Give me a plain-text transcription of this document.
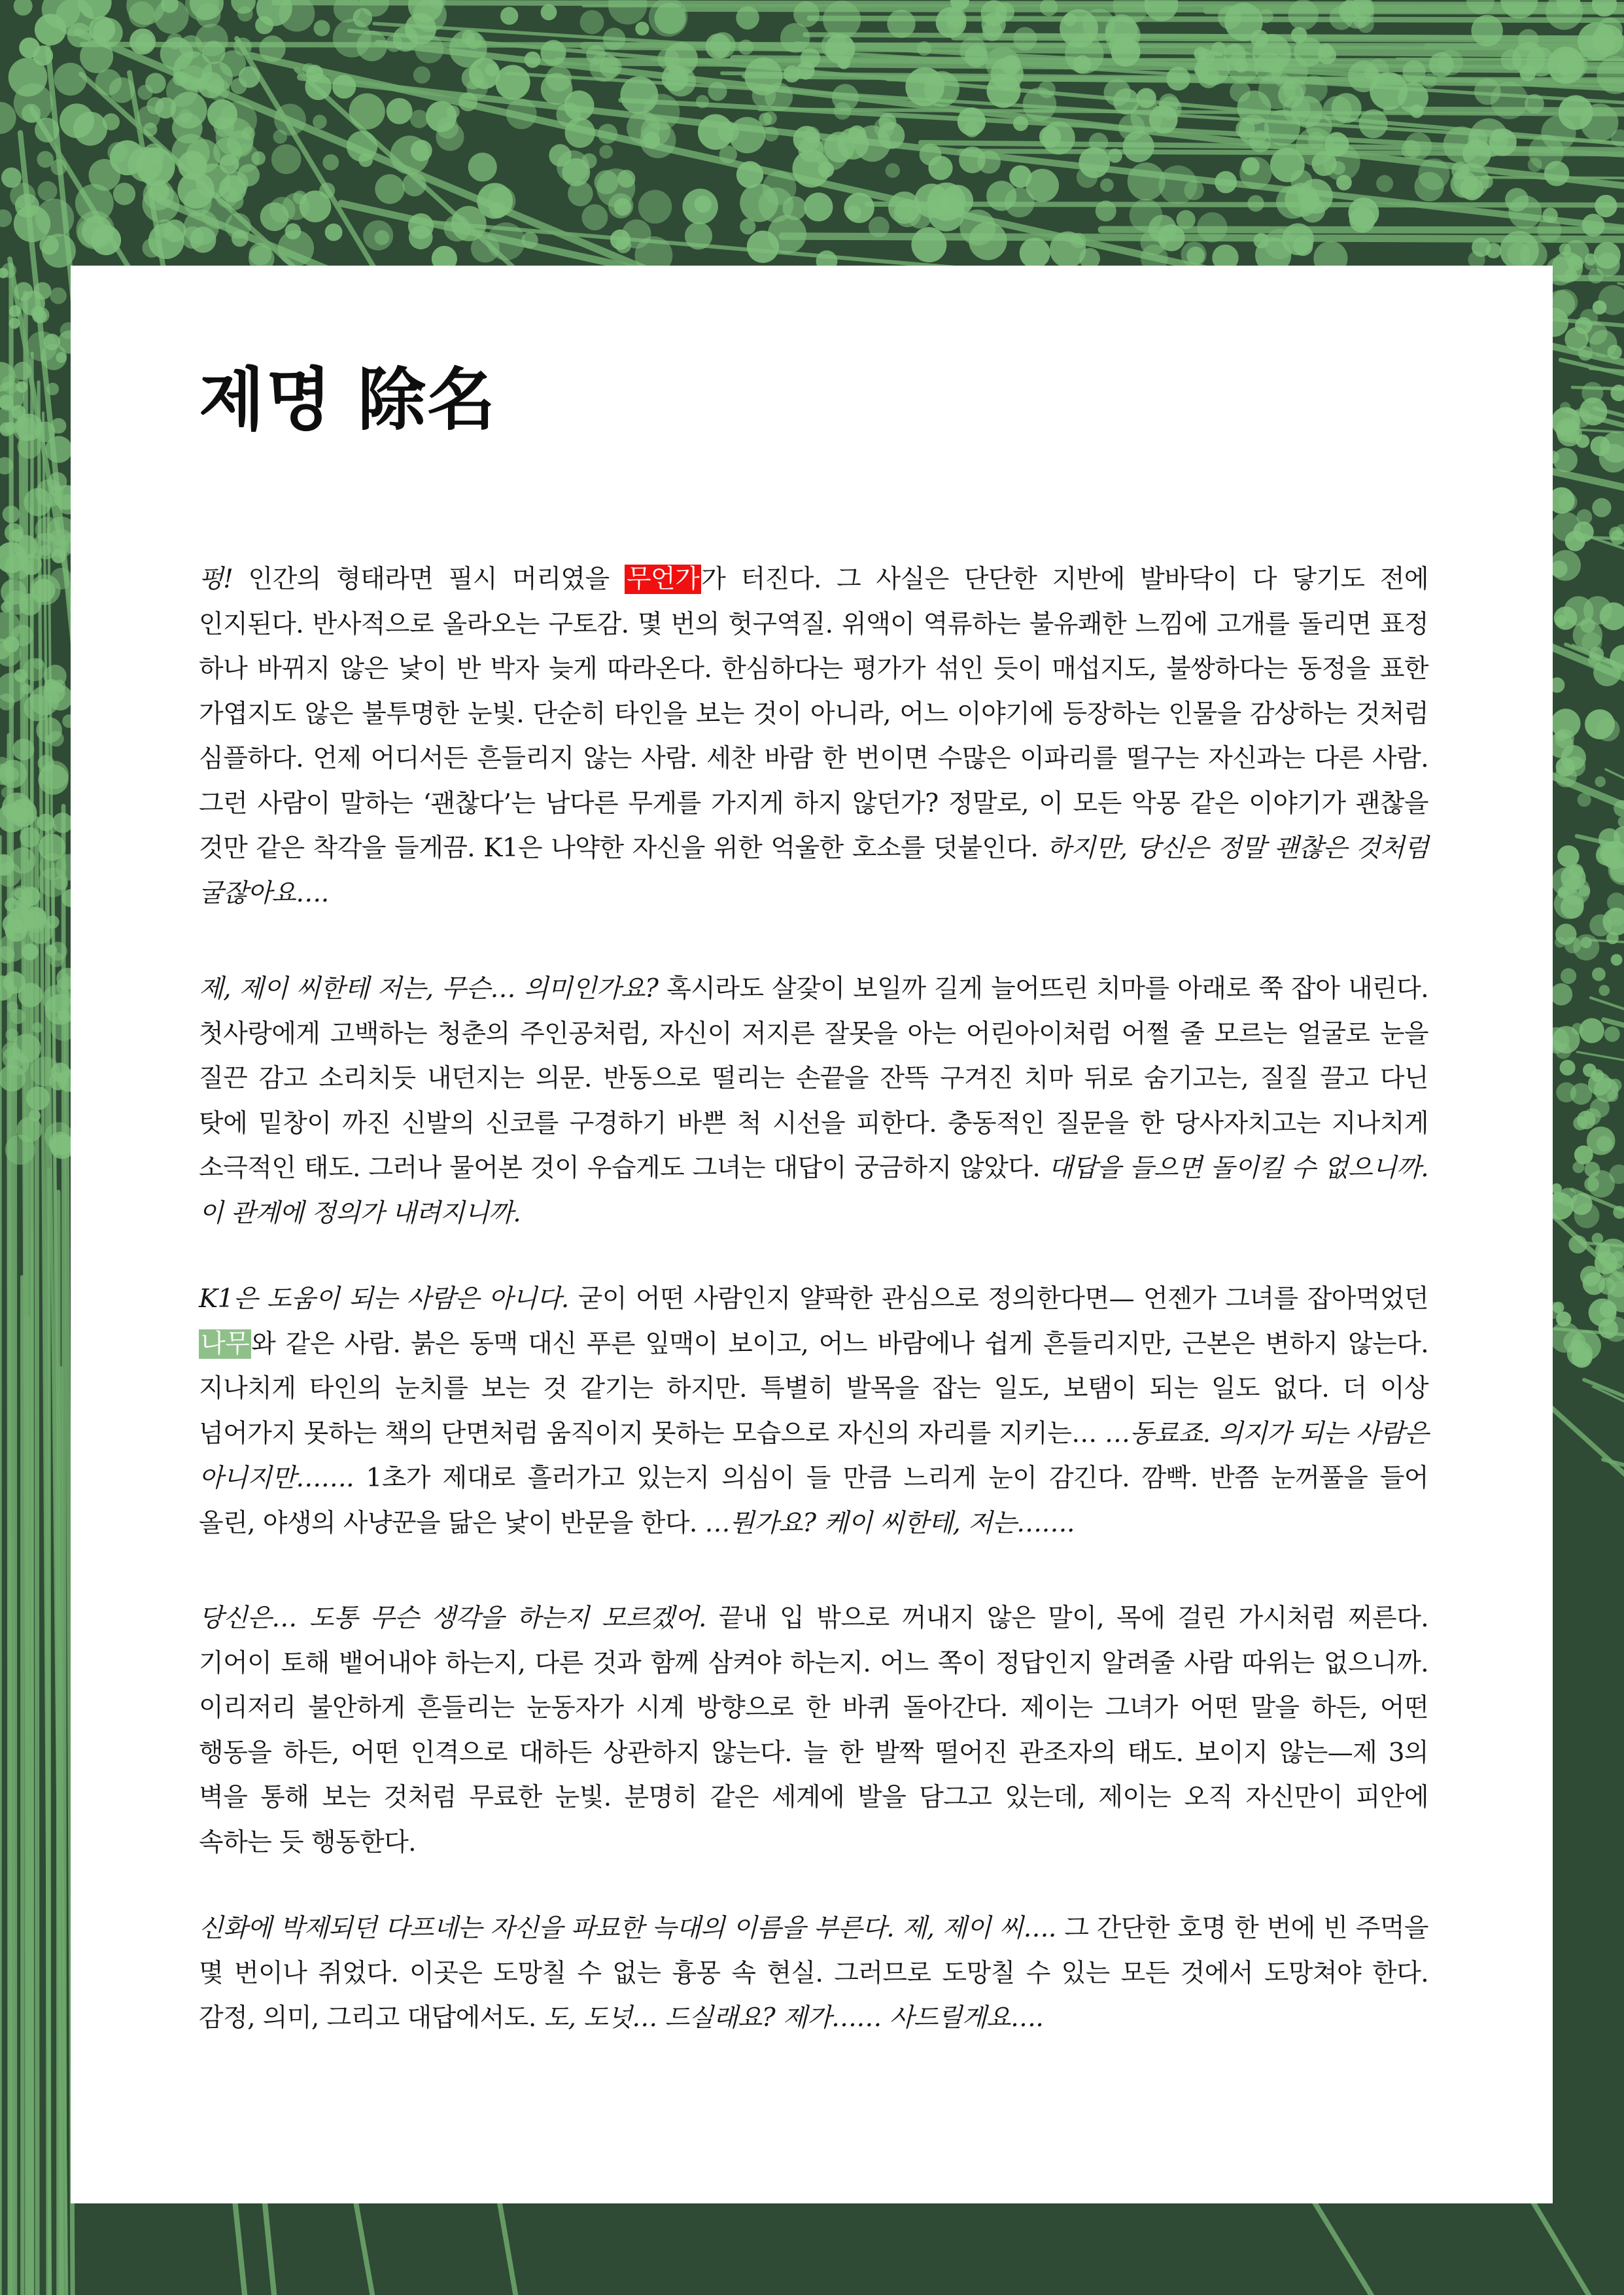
제명 除名

펑! 인간의 형태라면 필시 머리였을 무언가가 터진다. 그 사실은 단단한 지반에 발바닥이 다 닿기도 전에 인지된다. 반사적으로 올라오는 구토감. 몇 번의 헛구역질. 위액이 역류하는 불유쾌한 느낌에 고개를 돌리면 표정 하나 바뀌지 않은 낯이 반 박자 늦게 따라온다. 한심하다는 평가가 섞인 듯이 매섭지도, 불쌍하다는 동정을 표한 가엽지도 않은 불투명한 눈빛. 단순히 타인을 보는 것이 아니라, 어느 이야기에 등장하는 인물을 감상하는 것처럼 심플하다. 언제 어디서든 흔들리지 않는 사람. 세찬 바람 한 번이면 수많은 이파리를 떨구는 자신과는 다른 사람. 그런 사람이 말하는 ‘괜찮다’는 남다른 무게를 가지게 하지 않던가? 정말로, 이 모든 악몽 같은 이야기가 괜찮을 것만 같은 착각을 들게끔. K1은 나약한 자신을 위한 억울한 호소를 덧붙인다. 하지만, 당신은 정말 괜찮은 것처럼 굴잖아요….

제, 제이 씨한테 저는, 무슨… 의미인가요? 혹시라도 살갗이 보일까 길게 늘어뜨린 치마를 아래로 쭉 잡아 내린다. 첫사랑에게 고백하는 청춘의 주인공처럼, 자신이 저지른 잘못을 아는 어린아이처럼 어쩔 줄 모르는 얼굴로 눈을 질끈 감고 소리치듯 내던지는 의문. 반동으로 떨리는 손끝을 잔뜩 구겨진 치마 뒤로 숨기고는, 질질 끌고 다닌 탓에 밑창이 까진 신발의 신코를 구경하기 바쁜 척 시선을 피한다. 충동적인 질문을 한 당사자치고는 지나치게 소극적인 태도. 그러나 물어본 것이 우습게도 그녀는 대답이 궁금하지 않았다. 대답을 들으면 돌이킬 수 없으니까. 이 관계에 정의가 내려지니까.

K1은 도움이 되는 사람은 아니다. 굳이 어떤 사람인지 얄팍한 관심으로 정의한다면— 언젠가 그녀를 잡아먹었던 나무와 같은 사람. 붉은 동맥 대신 푸른 잎맥이 보이고, 어느 바람에나 쉽게 흔들리지만, 근본은 변하지 않는다. 지나치게 타인의 눈치를 보는 것 같기는 하지만. 특별히 발목을 잡는 일도, 보탬이 되는 일도 없다. 더 이상 넘어가지 못하는 책의 단면처럼 움직이지 못하는 모습으로 자신의 자리를 지키는… …동료죠. 의지가 되는 사람은 아니지만……. 1초가 제대로 흘러가고 있는지 의심이 들 만큼 느리게 눈이 감긴다. 깜빡. 반쯤 눈꺼풀을 들어 올린, 야생의 사냥꾼을 닮은 낯이 반문을 한다. …뭔가요? 케이 씨한테, 저는…….

당신은… 도통 무슨 생각을 하는지 모르겠어. 끝내 입 밖으로 꺼내지 않은 말이, 목에 걸린 가시처럼 찌른다. 기어이 토해 뱉어내야 하는지, 다른 것과 함께 삼켜야 하는지. 어느 쪽이 정답인지 알려줄 사람 따위는 없으니까. 이리저리 불안하게 흔들리는 눈동자가 시계 방향으로 한 바퀴 돌아간다. 제이는 그녀가 어떤 말을 하든, 어떤 행동을 하든, 어떤 인격으로 대하든 상관하지 않는다. 늘 한 발짝 떨어진 관조자의 태도. 보이지 않는—제 3의 벽을 통해 보는 것처럼 무료한 눈빛. 분명히 같은 세계에 발을 담그고 있는데, 제이는 오직 자신만이 피안에 속하는 듯 행동한다.

신화에 박제되던 다프네는 자신을 파묘한 늑대의 이름을 부른다. 제, 제이 씨…. 그 간단한 호명 한 번에 빈 주먹을 몇 번이나 쥐었다. 이곳은 도망칠 수 없는 흉몽 속 현실. 그러므로 도망칠 수 있는 모든 것에서 도망쳐야 한다. 감정, 의미, 그리고 대답에서도. 도, 도넛… 드실래요? 제가…… 사드릴게요….
